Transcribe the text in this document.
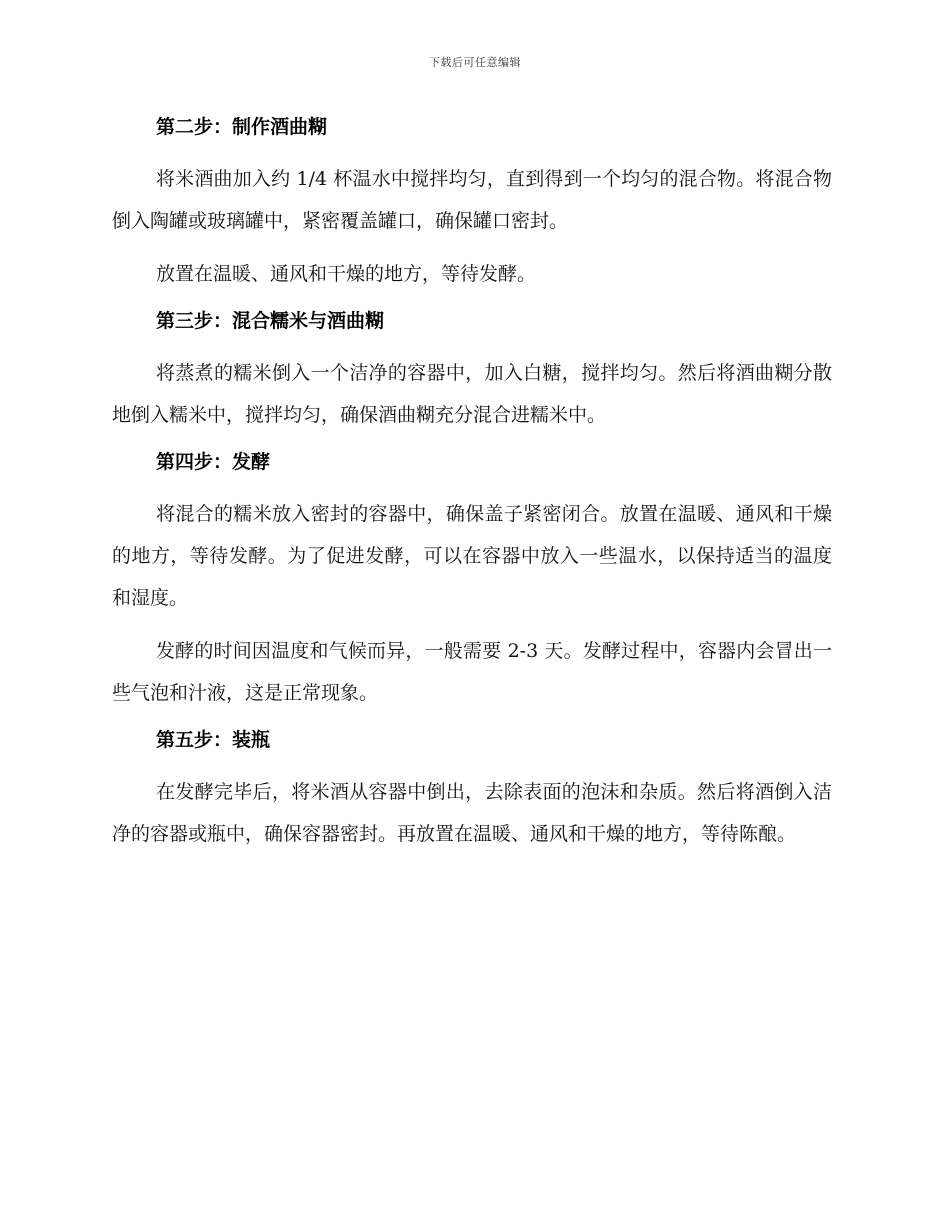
下载后可任意编辑
第二步：制作酒曲糊

将米酒曲加入约 1/4 杯温水中搅拌均匀，直到得到一个均匀的混合物。将混合物倒入陶罐或玻璃罐中，紧密覆盖罐口，确保罐口密封。

放置在温暖、通风和干燥的地方，等待发酵。

第三步：混合糯米与酒曲糊

将蒸煮的糯米倒入一个洁净的容器中，加入白糖，搅拌均匀。然后将酒曲糊分散地倒入糯米中，搅拌均匀，确保酒曲糊充分混合进糯米中。

第四步：发酵

将混合的糯米放入密封的容器中，确保盖子紧密闭合。放置在温暖、通风和干燥的地方，等待发酵。为了促进发酵，可以在容器中放入一些温水，以保持适当的温度和湿度。

发酵的时间因温度和气候而异，一般需要 2-3 天。发酵过程中，容器内会冒出一些气泡和汁液，这是正常现象。

第五步：装瓶

在发酵完毕后，将米酒从容器中倒出，去除表面的泡沫和杂质。然后将酒倒入洁净的容器或瓶中，确保容器密封。再放置在温暖、通风和干燥的地方，等待陈酿。
